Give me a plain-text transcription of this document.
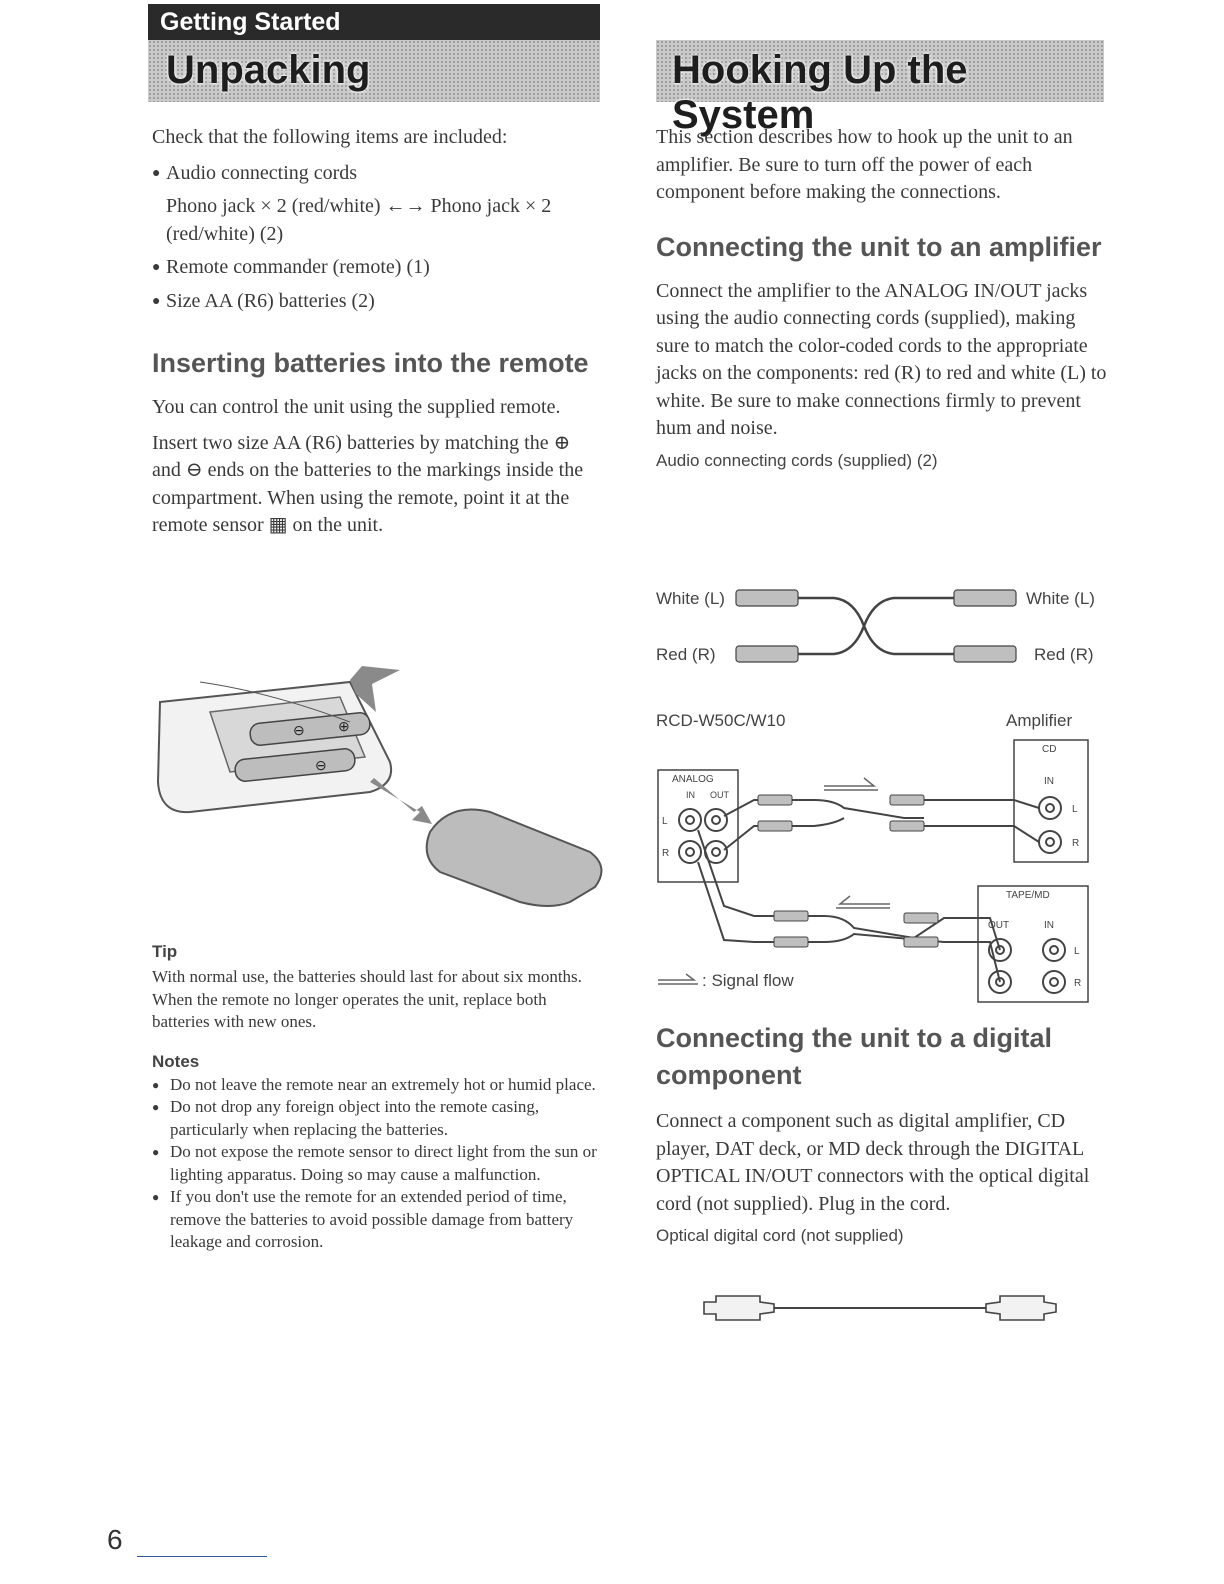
Getting Started
Unpacking	Hooking Up the System

Check that the following items are included:

● Audio connecting cords
Phono jack × 2 (red/white) ←→ Phono jack × 2 (red/white) (2)
● Remote commander (remote) (1)
● Size AA (R6) batteries (2)
Inserting batteries into the remote

You can control the unit using the supplied remote.

Insert two size AA (R6) batteries by matching the ⊕ and ⊖ ends on the batteries to the markings inside the compartment. When using the remote, point it at the remote sensor ▦ on the unit.

⊖ ⊕
⊖
Tip

With normal use, the batteries should last for about six months. When the remote no longer operates the unit, replace both batteries with new ones.

Notes
● Do not leave the remote near an extremely hot or humid place.
● Do not drop any foreign object into the remote casing, particularly when replacing the batteries.
● Do not expose the remote sensor to direct light from the sun or lighting apparatus. Doing so may cause a malfunction.
● If you don't use the remote for an extended period of time, remove the batteries to avoid possible damage from battery leakage and corrosion.

This section describes how to hook up the unit to an amplifier. Be sure to turn off the power of each component before making the connections.

Connecting the unit to an amplifier

Connect the amplifier to the ANALOG IN/OUT jacks using the audio connecting cords (supplied), making sure to match the color-coded cords to the appropriate jacks on the components: red (R) to red and white (L) to white. Be sure to make connections firmly to prevent hum and noise.

Audio connecting cords (supplied) (2)
White (L)	White (L)
Red (R)	Red (R)
RCD-W50C/W10	Amplifier
ANALOG
IN OUT
L
R
CD
IN
L
R
TAPE/MD
OUT	IN
L
R
: Signal flow
Connecting the unit to a digital component

Connect a component such as digital amplifier, CD player, DAT deck, or MD deck through the DIGITAL OPTICAL IN/OUT connectors with the optical digital cord (not supplied). Plug in the cord.

Optical digital cord (not supplied)
6
